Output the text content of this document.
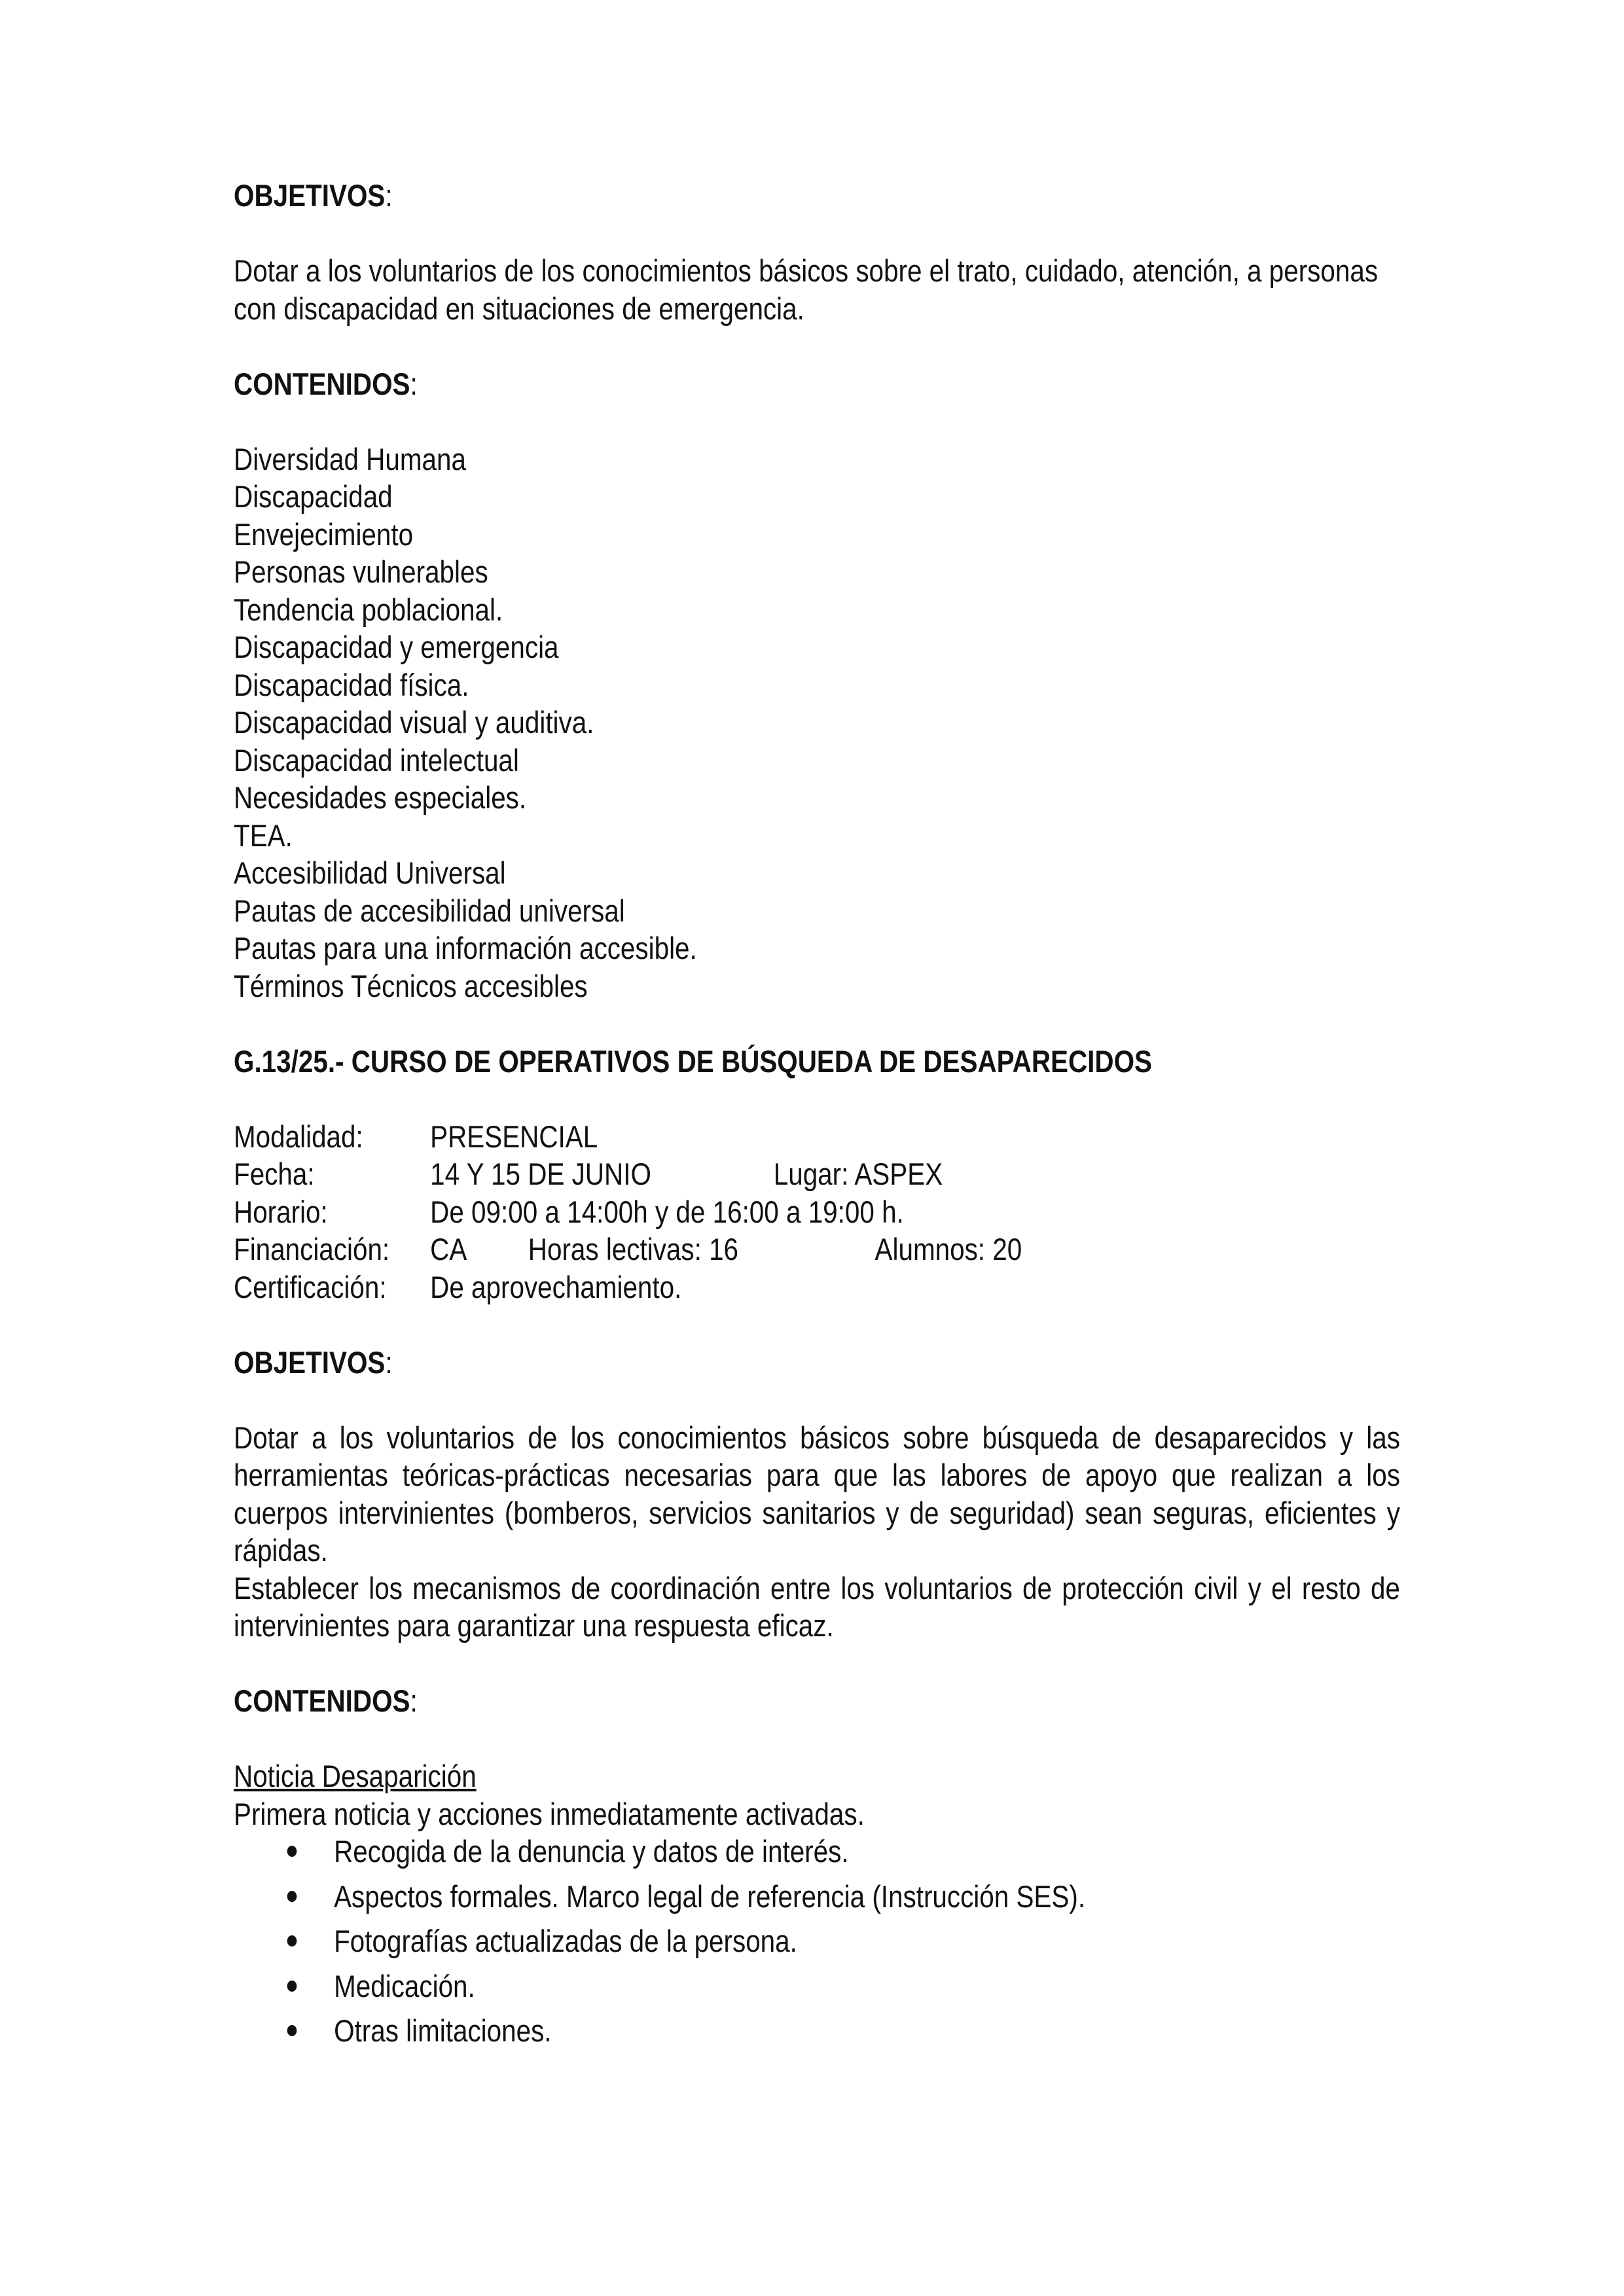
OBJETIVOS:

Dotar a los voluntarios de los conocimientos básicos sobre el trato, cuidado, atención, a personas
con discapacidad en situaciones de emergencia.

CONTENIDOS:

Diversidad Humana

Discapacidad

Envejecimiento

Personas vulnerables

Tendencia poblacional.

Discapacidad y emergencia

Discapacidad física.

Discapacidad visual y auditiva.

Discapacidad intelectual

Necesidades especiales.

TEA.

Accesibilidad Universal

Pautas de accesibilidad universal

Pautas para una información accesible.

Términos Técnicos accesibles

G.13/25.- CURSO DE OPERATIVOS DE BÚSQUEDA DE DESAPARECIDOS

Modalidad:	PRESENCIAL
Fecha:	14 Y 15 DE JUNIO	Lugar: ASPEX
Horario:	De 09:00 a 14:00h y de 16:00 a 19:00 h.
Financiación:	CA	Horas lectivas: 16	Alumnos: 20
Certificación:	De aprovechamiento.

OBJETIVOS:

Dotar a los voluntarios de los conocimientos básicos sobre búsqueda de desaparecidos y las herramientas teóricas-prácticas necesarias para que las labores de apoyo que realizan a los cuerpos intervinientes (bomberos, servicios sanitarios y de seguridad) sean seguras, eficientes y rápidas.

Establecer los mecanismos de coordinación entre los voluntarios de protección civil y el resto de intervinientes para garantizar una respuesta eficaz.

CONTENIDOS:

Noticia Desaparición

Primera noticia y acciones inmediatamente activadas.

Recogida de la denuncia y datos de interés.
Aspectos formales. Marco legal de referencia (Instrucción SES).
Fotografías actualizadas de la persona.
Medicación.
Otras limitaciones.
